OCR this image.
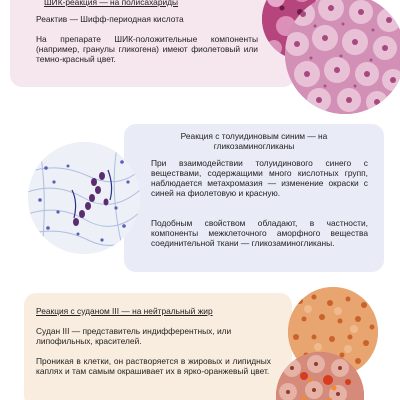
ШИК-реакция — на полисахариды
Реактив — Шифф-периодная кислота
На препарате ШИК-положительные компоненты (например, гранулы гликогена) имеют фиолетовый или темно-красный цвет.
Реакция с толуидиновым синим — на
гликозаминогликаны
При взаимодействии толуидинового синего с веществами, содержащими много кислотных групп, наблюдается метахромазия — изменение окраски с синей на фиолетовую и красную.
Подобным свойством обладают, в частности, компоненты межклеточного аморфного вещества соединительной ткани — гликозаминогликаны.
Реакция с суданом III — на нейтральный жир
Судан III — представитель индифферентных, или липофильных, красителей.
Проникая в клетки, он растворяется в жировых и липидных каплях и там самым окрашивает их в ярко-оранжевый цвет.
